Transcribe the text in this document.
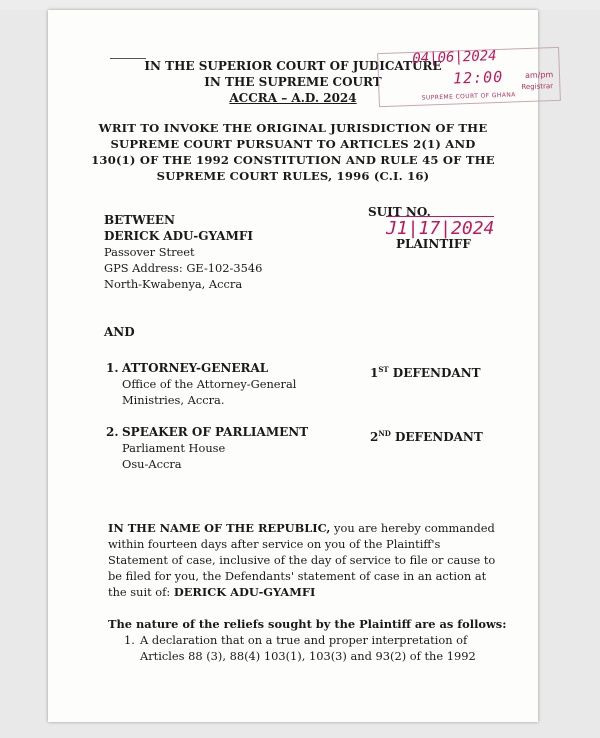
IN THE SUPERIOR COURT OF JUDICATURE
IN THE SUPREME COURT
ACCRA – A.D. 2024
04|06|2024
12:00	am/pm
Registrar
SUPREME COURT OF GHANA
WRIT TO INVOKE THE ORIGINAL JURISDICTION OF THE
SUPREME COURT PURSUANT TO ARTICLES 2(1) AND
130(1) OF THE 1992 CONSTITUTION AND RULE 45 OF THE
SUPREME COURT RULES, 1996 (C.I. 16)
SUIT NO.
J1|17|2024
BETWEEN
DERICK ADU-GYAMFI
PLAINTIFF
Passover Street
GPS Address: GE-102-3546
North-Kwabenya, Accra
AND
1. ATTORNEY-GENERAL	1ST DEFENDANT
Office of the Attorney-General
Ministries, Accra.
2. SPEAKER OF PARLIAMENT	2ND DEFENDANT
Parliament House
Osu-Accra
IN THE NAME OF THE REPUBLIC, you are hereby commanded
within fourteen days after service on you of the Plaintiff's
Statement of case, inclusive of the day of service to file or cause to
be filed for you, the Defendants' statement of case in an action at
the suit of: DERICK ADU-GYAMFI
The nature of the reliefs sought by the Plaintiff are as follows:
1. A declaration that on a true and proper interpretation of
Articles 88 (3), 88(4) 103(1), 103(3) and 93(2) of the 1992
